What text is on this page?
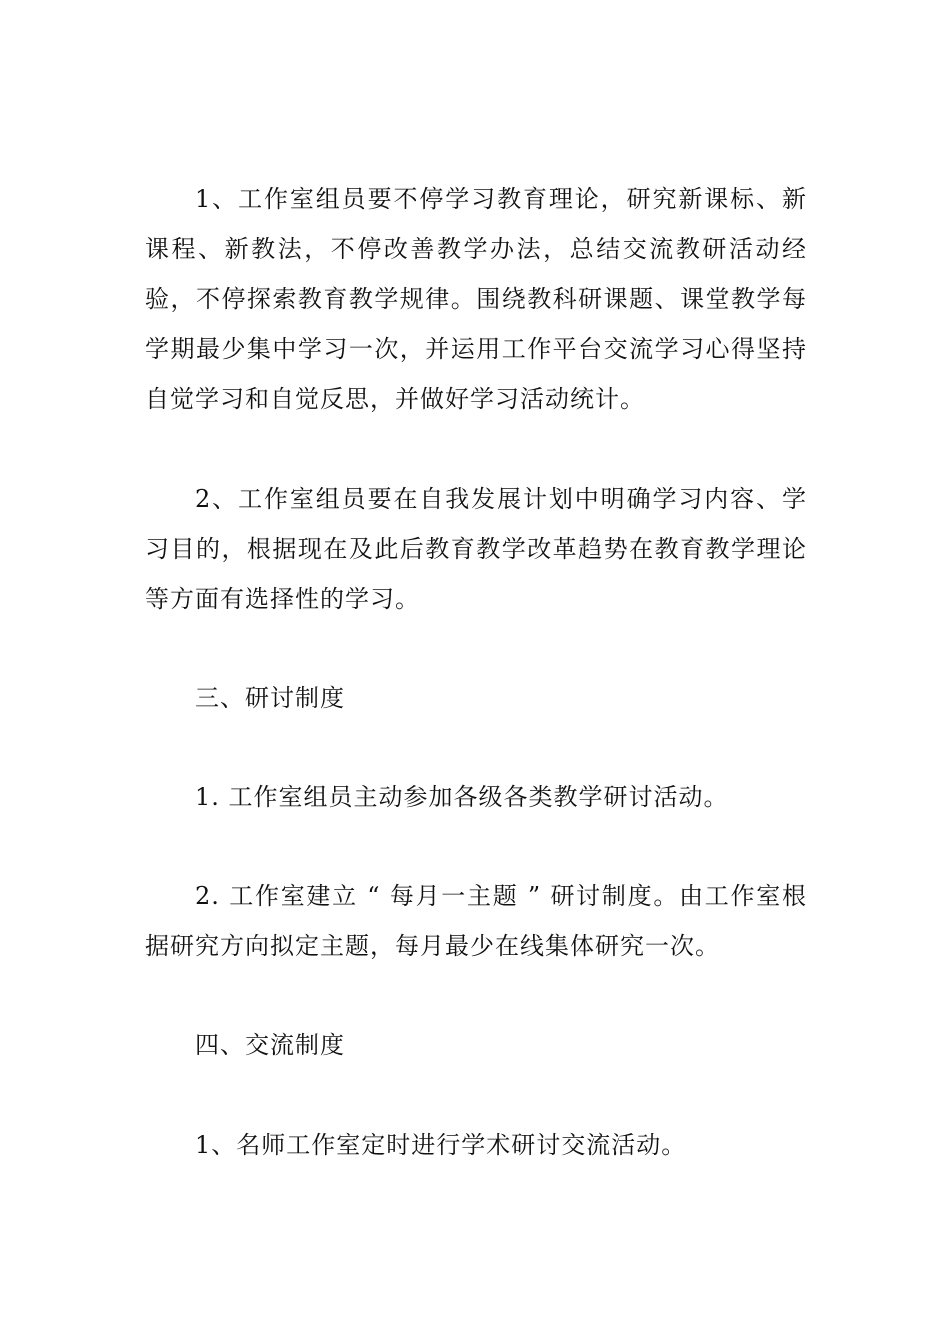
1、工作室组员要不停学习教育理论，研究新课标、新课程、新教法，不停改善教学办法，总结交流教研活动经验，不停探索教育教学规律。围绕教科研课题、课堂教学每学期最少集中学习一次，并运用工作平台交流学习心得坚持自觉学习和自觉反思，并做好学习活动统计。

2、工作室组员要在自我发展计划中明确学习内容、学习目的，根据现在及此后教育教学改革趋势在教育教学理论等方面有选择性的学习。

三、研讨制度

1. 工作室组员主动参加各级各类教学研讨活动。

2. 工作室建立 “ 每月一主题 ” 研讨制度。由工作室根据研究方向拟定主题，每月最少在线集体研究一次。

四、交流制度

1、名师工作室定时进行学术研讨交流活动。
